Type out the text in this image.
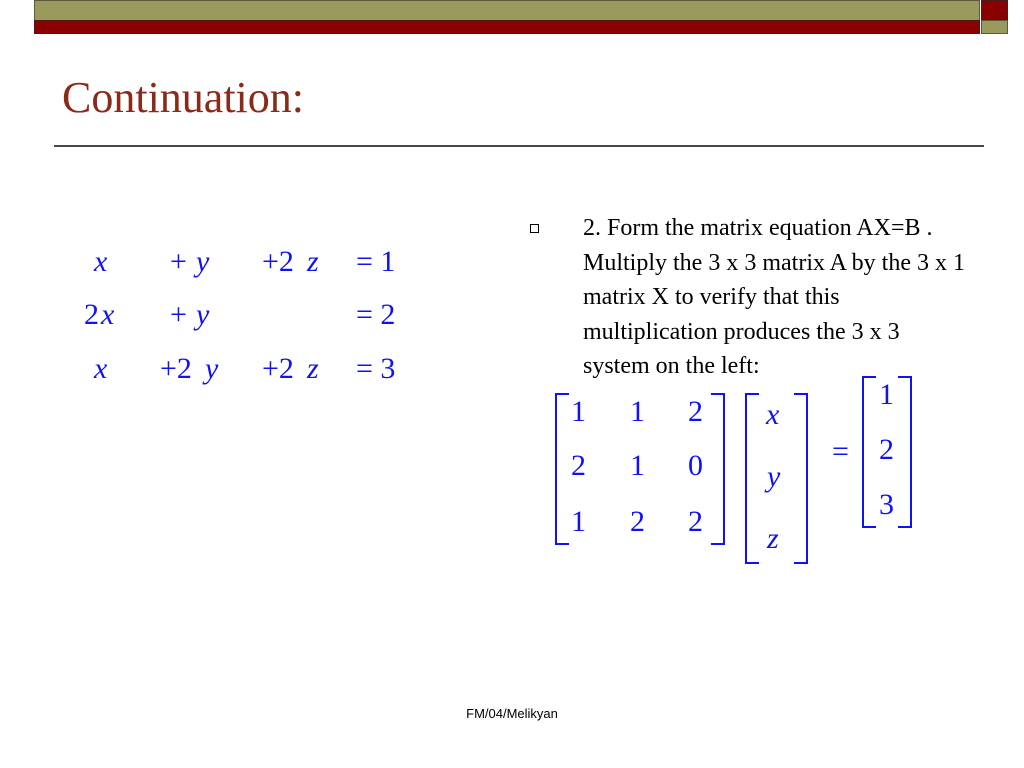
Continuation:
x + y +2 z = 1
2 x + y	= 2
x +2 y +2 z = 3
2. Form the matrix equation AX=B . Multiply the 3 x 3 matrix A by the 3 x 1 matrix X to verify that this multiplication produces the 3 x 3 system on the left:
1 1 2
2 1 0
1 2 2
x
y
z
=
1
2
3
FM/04/Melikyan
